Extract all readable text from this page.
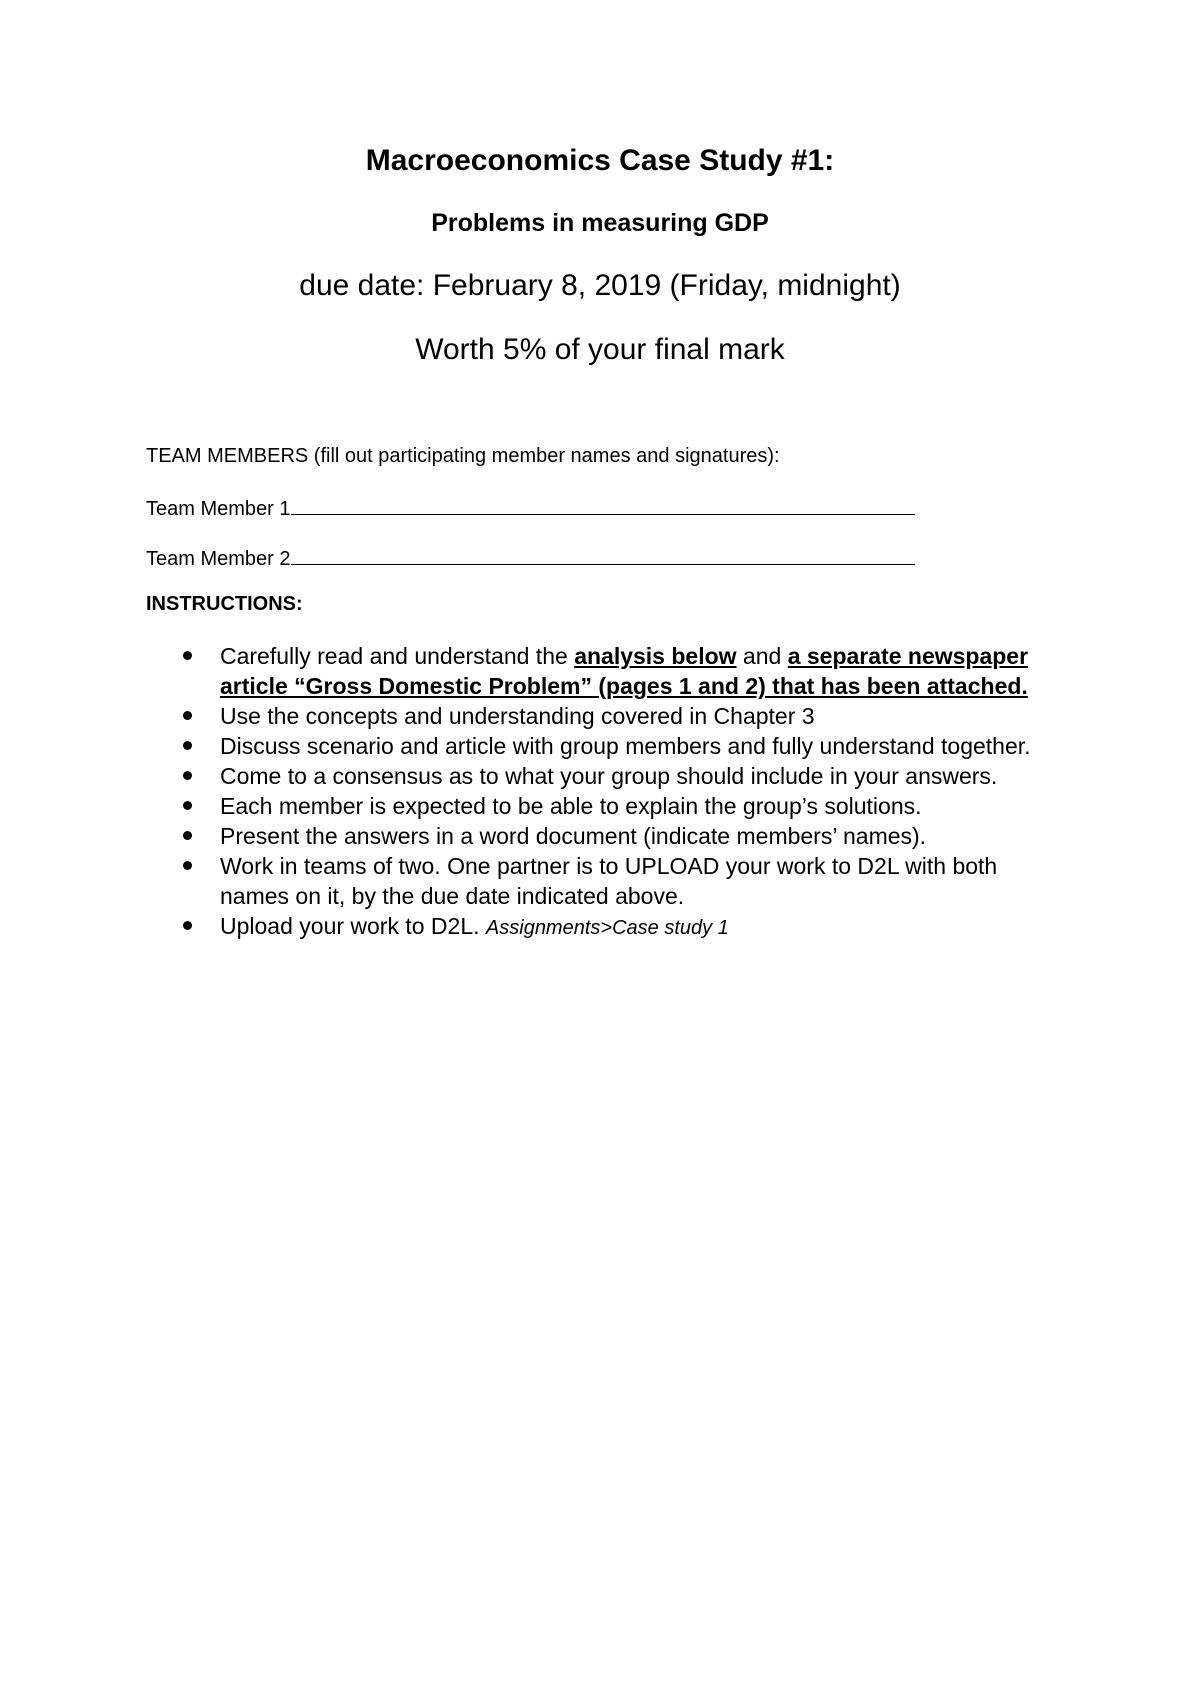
Macroeconomics Case Study #1:
Problems in measuring GDP
due date: February 8, 2019 (Friday, midnight)
Worth 5% of your final mark
TEAM MEMBERS (fill out participating member names and signatures):
Team Member 1
Team Member 2
INSTRUCTIONS:
Carefully read and understand the analysis below and a separate newspaper article “Gross Domestic Problem” (pages 1 and 2) that has been attached.
Use the concepts and understanding covered in Chapter 3
Discuss scenario and article with group members and fully understand together.
Come to a consensus as to what your group should include in your answers.
Each member is expected to be able to explain the group’s solutions.
Present the answers in a word document (indicate members’ names).
Work in teams of two. One partner is to UPLOAD your work to D2L with both names on it, by the due date indicated above.
Upload your work to D2L. Assignments>Case study 1
